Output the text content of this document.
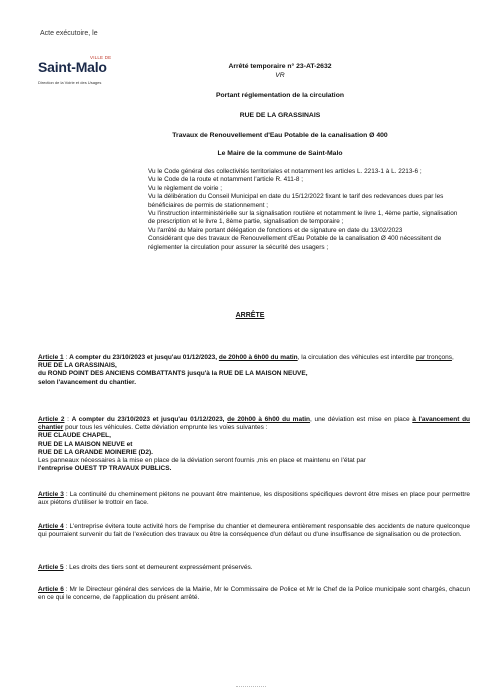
Acte exécutoire, le
VILLE DE
Saint-Malo
Direction de la Voirie et des Usages
Arrêté temporaire n° 23-AT-2632
VR
Portant réglementation de la circulation
RUE DE LA GRASSINAIS
Travaux de Renouvellement d'Eau Potable de la canalisation Ø 400
Le Maire de la commune de Saint-Malo

Vu le Code général des collectivités territoriales et notamment les articles L. 2213-1 à L. 2213-6 ;

Vu le Code de la route et notamment l'article R. 411-8 ;

Vu le règlement de voirie ;

Vu la délibération du Conseil Municipal en date du 15/12/2022 fixant le tarif des redevances dues par les bénéficiaires de permis de stationnement ;

Vu l'instruction interministérielle sur la signalisation routière et notamment le livre 1, 4ème partie, signalisation de prescription et le livre 1, 8ème partie, signalisation de temporaire ;

Vu l'arrêté du Maire portant délégation de fonctions et de signature en date du 13/02/2023

Considérant que des travaux de Renouvellement d'Eau Potable de la canalisation Ø 400 nécessitent de réglementer la circulation pour assurer la sécurité des usagers ;

ARRÊTE

Article 1 : A compter du 23/10/2023 et jusqu'au 01/12/2023, de 20h00 à 6h00 du matin, la circulation des véhicules est interdite par tronçons,

RUE DE LA GRASSINAIS,

du ROND POINT DES ANCIENS COMBATTANTS jusqu'à la RUE DE LA MAISON NEUVE,

selon l'avancement du chantier.

Article 2 : A compter du 23/10/2023 et jusqu'au 01/12/2023, de 20h00 à 6h00 du matin, une déviation est mise en place à l'avancement du chantier pour tous les véhicules. Cette déviation emprunte les voies suivantes :

RUE CLAUDE CHAPEL,

RUE DE LA MAISON NEUVE et

RUE DE LA GRANDE MOINERIE (D2).

Les panneaux nécessaires à la mise en place de la déviation seront fournis ,mis en place et maintenu en l'état par

l'entreprise OUEST TP TRAVAUX PUBLICS.

Article 3 : La continuité du cheminement piétons ne pouvant être maintenue, les dispositions spécifiques devront être mises en place pour permettre aux piétons d'utiliser le trottoir en face.

Article 4 : L'entreprise évitera toute activité hors de l'emprise du chantier et demeurera entièrement responsable des accidents de nature quelconque qui pourraient survenir du fait de l'exécution des travaux ou être la conséquence d'un défaut ou d'une insuffisance de signalisation ou de protection.

Article 5 : Les droits des tiers sont et demeurent expressément préservés.

Article 6 : Mr le Directeur général des services de la Mairie, Mr le Commissaire de Police et Mr le Chef de la Police municipale sont chargés, chacun en ce qui le concerne, de l'application du présent arrêté.
